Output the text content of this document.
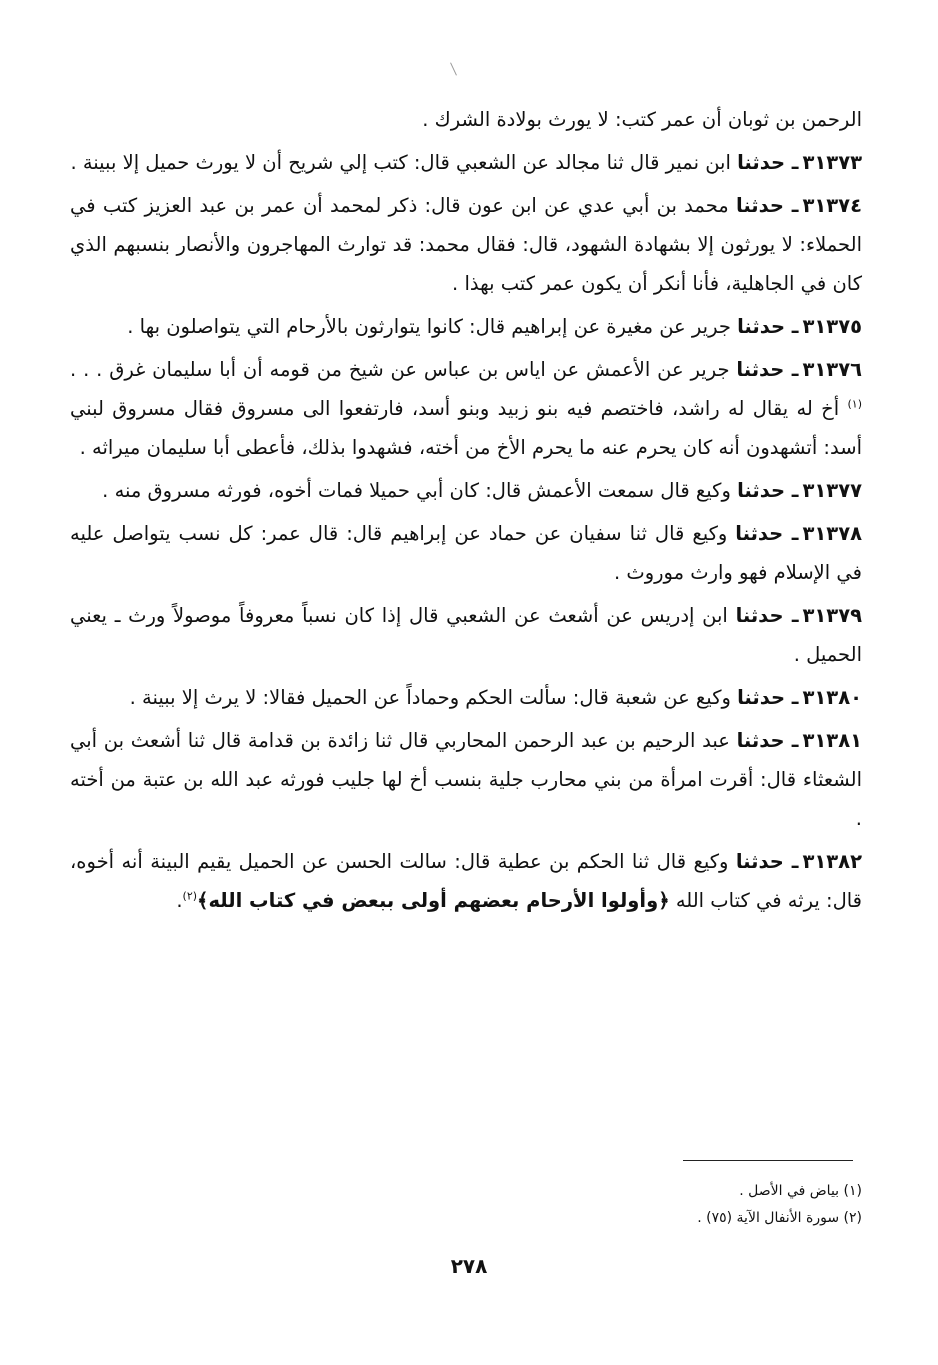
الرحمن بن ثوبان أن عمر كتب: لا يورث بولادة الشرك .

٣١٣٧٣ـ حدثنا ابن نمير قال ثنا مجالد عن الشعبي قال: كتب إلي شريح أن لا يورث حميل إلا ببينة .

٣١٣٧٤ـ حدثنا محمد بن أبي عدي عن ابن عون قال: ذكر لمحمد أن عمر بن عبد العزيز كتب في الحملاء: لا يورثون إلا بشهادة الشهود، قال: فقال محمد: قد توارث المهاجرون والأنصار بنسبهم الذي كان في الجاهلية، فأنا أنكر أن يكون عمر كتب بهذا .

٣١٣٧٥ـ حدثنا جرير عن مغيرة عن إبراهيم قال: كانوا يتوارثون بالأرحام التي يتواصلون بها .

٣١٣٧٦ـ حدثنا جرير عن الأعمش عن اياس بن عباس عن شيخ من قومه أن أبا سليمان غرق . . .$^{(١)}$ أخ له يقال له راشد، فاختصم فيه بنو زبيد وبنو أسد، فارتفعوا الى مسروق فقال مسروق لبني أسد: أتشهدون أنه كان يحرم عنه ما يحرم الأخ من أخته، فشهدوا بذلك، فأعطى أبا سليمان ميراثه .

٣١٣٧٧ـ حدثنا وكيع قال سمعت الأعمش قال: كان أبي حميلا فمات أخوه، فورثه مسروق منه .

٣١٣٧٨ـ حدثنا وكيع قال ثنا سفيان عن حماد عن إبراهيم قال: قال عمر: كل نسب يتواصل عليه في الإسلام فهو وارث موروث .

٣١٣٧٩ـ حدثنا ابن إدريس عن أشعث عن الشعبي قال إذا كان نسباً معروفاً موصولاً ورث ـ يعني الحميل .

٣١٣٨٠ـ حدثنا وكيع عن شعبة قال: سألت الحكم وحماداً عن الحميل فقالا: لا يرث إلا ببينة .

٣١٣٨١ـ حدثنا عبد الرحيم بن عبد الرحمن المحاربي قال ثنا زائدة بن قدامة قال ثنا أشعث بن أبي الشعثاء قال: أقرت امرأة من بني محارب جلية بنسب أخ لها جليب فورثه عبد الله بن عتبة من أخته .

٣١٣٨٢ـ حدثنا وكيع قال ثنا الحكم بن عطية قال: سالت الحسن عن الحميل يقيم البينة أنه أخوه، قال: يرثه في كتاب الله ﴿وأولوا الأرحام بعضهم أولى ببعض في كتاب الله﴾$^{(٢)}$.

(١) بياض في الأصل .

(٢) سورة الأنفال الآية (٧٥) .

٢٧٨
